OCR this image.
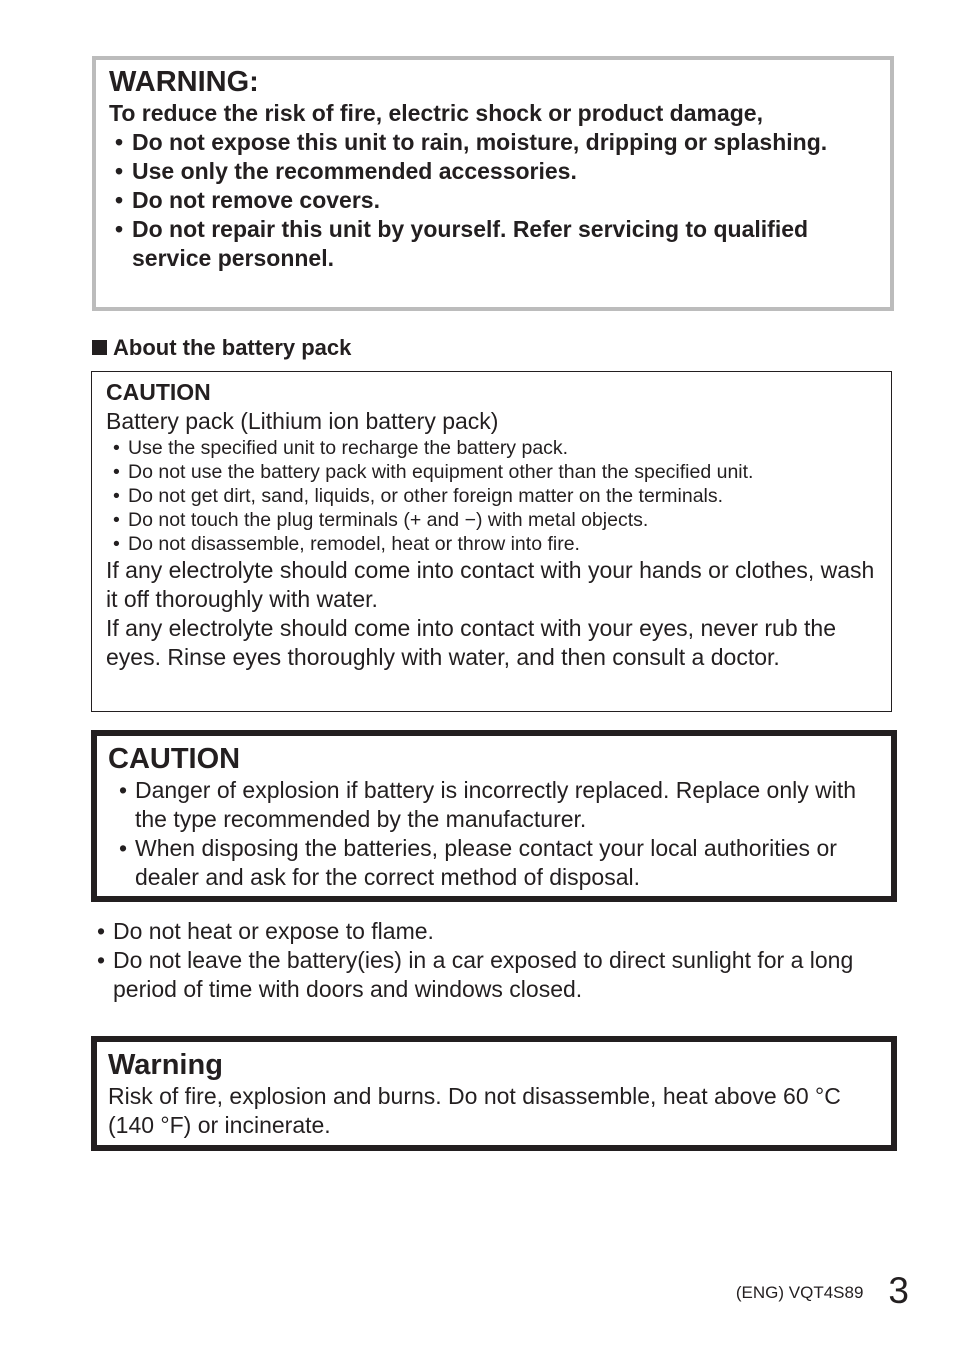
WARNING:
To reduce the risk of fire, electric shock or product damage,
• Do not expose this unit to rain, moisture, dripping or splashing.
• Use only the recommended accessories.
• Do not remove covers.
• Do not repair this unit by yourself. Refer servicing to qualified service personnel.
About the battery pack
CAUTION
Battery pack (Lithium ion battery pack)
• Use the specified unit to recharge the battery pack.
• Do not use the battery pack with equipment other than the specified unit.
• Do not get dirt, sand, liquids, or other foreign matter on the terminals.
• Do not touch the plug terminals (+ and −) with metal objects.
• Do not disassemble, remodel, heat or throw into fire.

If any electrolyte should come into contact with your hands or clothes, wash it off thoroughly with water.

If any electrolyte should come into contact with your eyes, never rub the eyes. Rinse eyes thoroughly with water, and then consult a doctor.

CAUTION
• Danger of explosion if battery is incorrectly replaced. Replace only with the type recommended by the manufacturer.
• When disposing the batteries, please contact your local authorities or dealer and ask for the correct method of disposal.
• Do not heat or expose to flame.
• Do not leave the battery(ies) in a car exposed to direct sunlight for a long period of time with doors and windows closed.
Warning
Risk of fire, explosion and burns. Do not disassemble, heat above 60 °C (140 °F) or incinerate.
(ENG) VQT4S89 3
